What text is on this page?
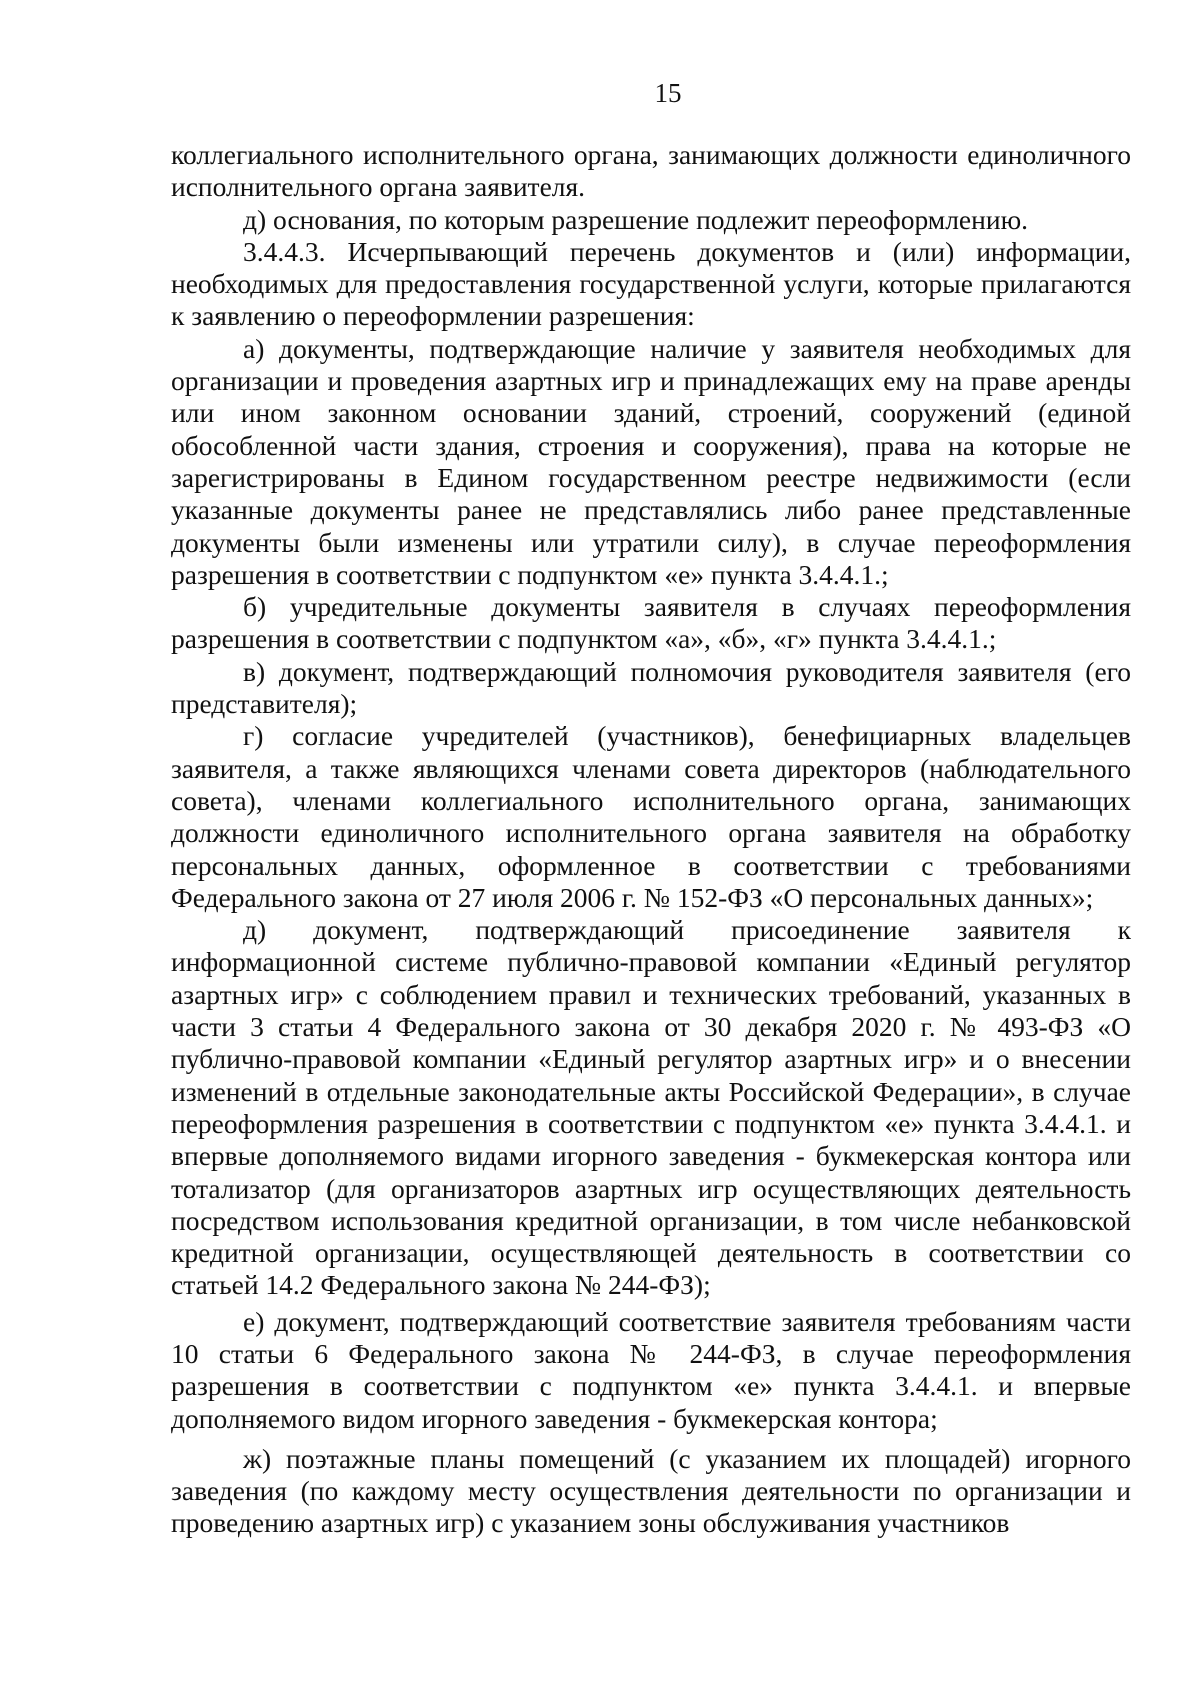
15

коллегиального исполнительного органа, занимающих должности единоличного исполнительного органа заявителя.

д) основания, по которым разрешение подлежит переоформлению.

3.4.4.3. Исчерпывающий перечень документов и (или) информации, необходимых для предоставления государственной услуги, которые прилагаются к заявлению о переоформлении разрешения:

а) документы, подтверждающие наличие у заявителя необходимых для организации и проведения азартных игр и принадлежащих ему на праве аренды или ином законном основании зданий, строений, сооружений (единой обособленной части здания, строения и сооружения), права на которые не зарегистрированы в Едином государственном реестре недвижимости (если указанные документы ранее не представлялись либо ранее представленные документы были изменены или утратили силу), в случае переоформления разрешения в соответствии с подпунктом «е» пункта 3.4.4.1.;

б) учредительные документы заявителя в случаях переоформления разрешения в соответствии с подпунктом «а», «б», «г» пункта 3.4.4.1.;

в) документ, подтверждающий полномочия руководителя заявителя (его представителя);

г) согласие учредителей (участников), бенефициарных владельцев заявителя, а также являющихся членами совета директоров (наблюдательного совета), членами коллегиального исполнительного органа, занимающих должности единоличного исполнительного органа заявителя на обработку персональных данных, оформленное в соответствии с требованиями Федерального закона от 27 июля 2006 г. № 152-ФЗ «О персональных данных»;

д) документ, подтверждающий присоединение заявителя к информационной системе публично-правовой компании «Единый регулятор азартных игр» с соблюдением правил и технических требований, указанных в части 3 статьи 4 Федерального закона от 30 декабря 2020 г. № 493-ФЗ «О публично-правовой компании «Единый регулятор азартных игр» и о внесении изменений в отдельные законодательные акты Российской Федерации», в случае переоформления разрешения в соответствии с подпунктом «е» пункта 3.4.4.1. и впервые дополняемого видами игорного заведения - букмекерская контора или тотализатор (для организаторов азартных игр осуществляющих деятельность посредством использования кредитной организации, в том числе небанковской кредитной организации, осуществляющей деятельность в соответствии со статьей 14.2 Федерального закона № 244-ФЗ);

е) документ, подтверждающий соответствие заявителя требованиям части 10 статьи 6 Федерального закона № 244-ФЗ, в случае переоформления разрешения в соответствии с подпунктом «е» пункта 3.4.4.1. и впервые дополняемого видом игорного заведения - букмекерская контора;

ж) поэтажные планы помещений (с указанием их площадей) игорного заведения (по каждому месту осуществления деятельности по организации и проведению азартных игр) с указанием зоны обслуживания участников
